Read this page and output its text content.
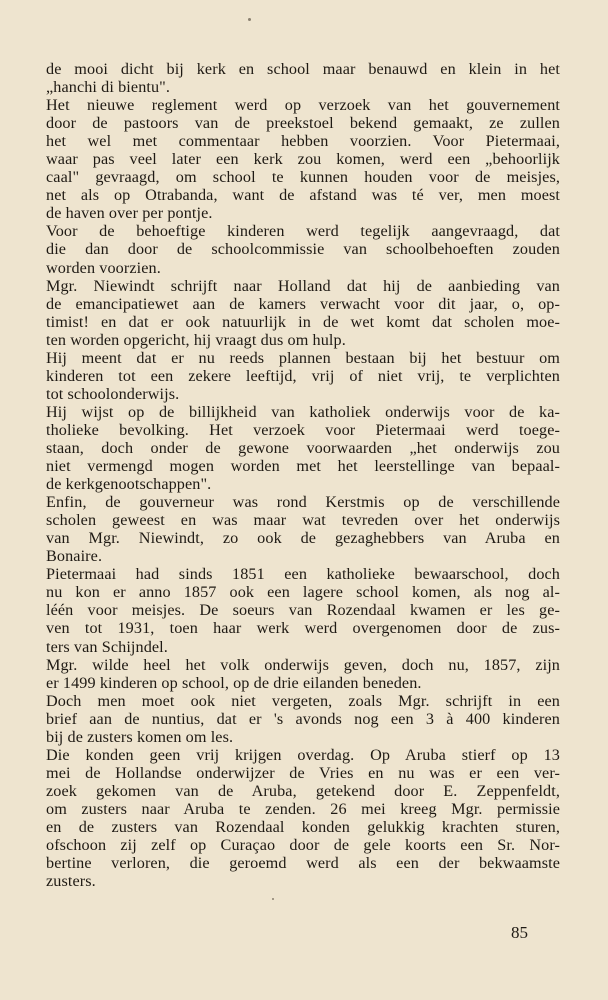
de mooi dicht bij kerk en school maar benauwd en klein in het
„hanchi di bientu".
Het nieuwe reglement werd op verzoek van het gouvernement
door de pastoors van de preekstoel bekend gemaakt, ze zullen
het wel met commentaar hebben voorzien. Voor Pietermaai,
waar pas veel later een kerk zou komen, werd een „behoorlijk
caal" gevraagd, om school te kunnen houden voor de meisjes,
net als op Otrabanda, want de afstand was té ver, men moest
de haven over per pontje.
Voor de behoeftige kinderen werd tegelijk aangevraagd, dat
die dan door de schoolcommissie van schoolbehoeften zouden
worden voorzien.
Mgr. Niewindt schrijft naar Holland dat hij de aanbieding van
de emancipatiewet aan de kamers verwacht voor dit jaar, o, op-
timist! en dat er ook natuurlijk in de wet komt dat scholen moe-
ten worden opgericht, hij vraagt dus om hulp.
Hij meent dat er nu reeds plannen bestaan bij het bestuur om
kinderen tot een zekere leeftijd, vrij of niet vrij, te verplichten
tot schoolonderwijs.
Hij wijst op de billijkheid van katholiek onderwijs voor de ka-
tholieke bevolking. Het verzoek voor Pietermaai werd toege-
staan, doch onder de gewone voorwaarden „het onderwijs zou
niet vermengd mogen worden met het leerstellinge van bepaal-
de kerkgenootschappen".
Enfin, de gouverneur was rond Kerstmis op de verschillende
scholen geweest en was maar wat tevreden over het onderwijs
van Mgr. Niewindt, zo ook de gezaghebbers van Aruba en
Bonaire.
Pietermaai had sinds 1851 een katholieke bewaarschool, doch
nu kon er anno 1857 ook een lagere school komen, als nog al-
léén voor meisjes. De soeurs van Rozendaal kwamen er les ge-
ven tot 1931, toen haar werk werd overgenomen door de zus-
ters van Schijndel.
Mgr. wilde heel het volk onderwijs geven, doch nu, 1857, zijn
er 1499 kinderen op school, op de drie eilanden beneden.
Doch men moet ook niet vergeten, zoals Mgr. schrijft in een
brief aan de nuntius, dat er 's avonds nog een 3 à 400 kinderen
bij de zusters komen om les.
Die konden geen vrij krijgen overdag. Op Aruba stierf op 13
mei de Hollandse onderwijzer de Vries en nu was er een ver-
zoek gekomen van de Aruba, getekend door E. Zeppenfeldt,
om zusters naar Aruba te zenden. 26 mei kreeg Mgr. permissie
en de zusters van Rozendaal konden gelukkig krachten sturen,
ofschoon zij zelf op Curaçao door de gele koorts een Sr. Nor-
bertine verloren, die geroemd werd als een der bekwaamste
zusters.
85
